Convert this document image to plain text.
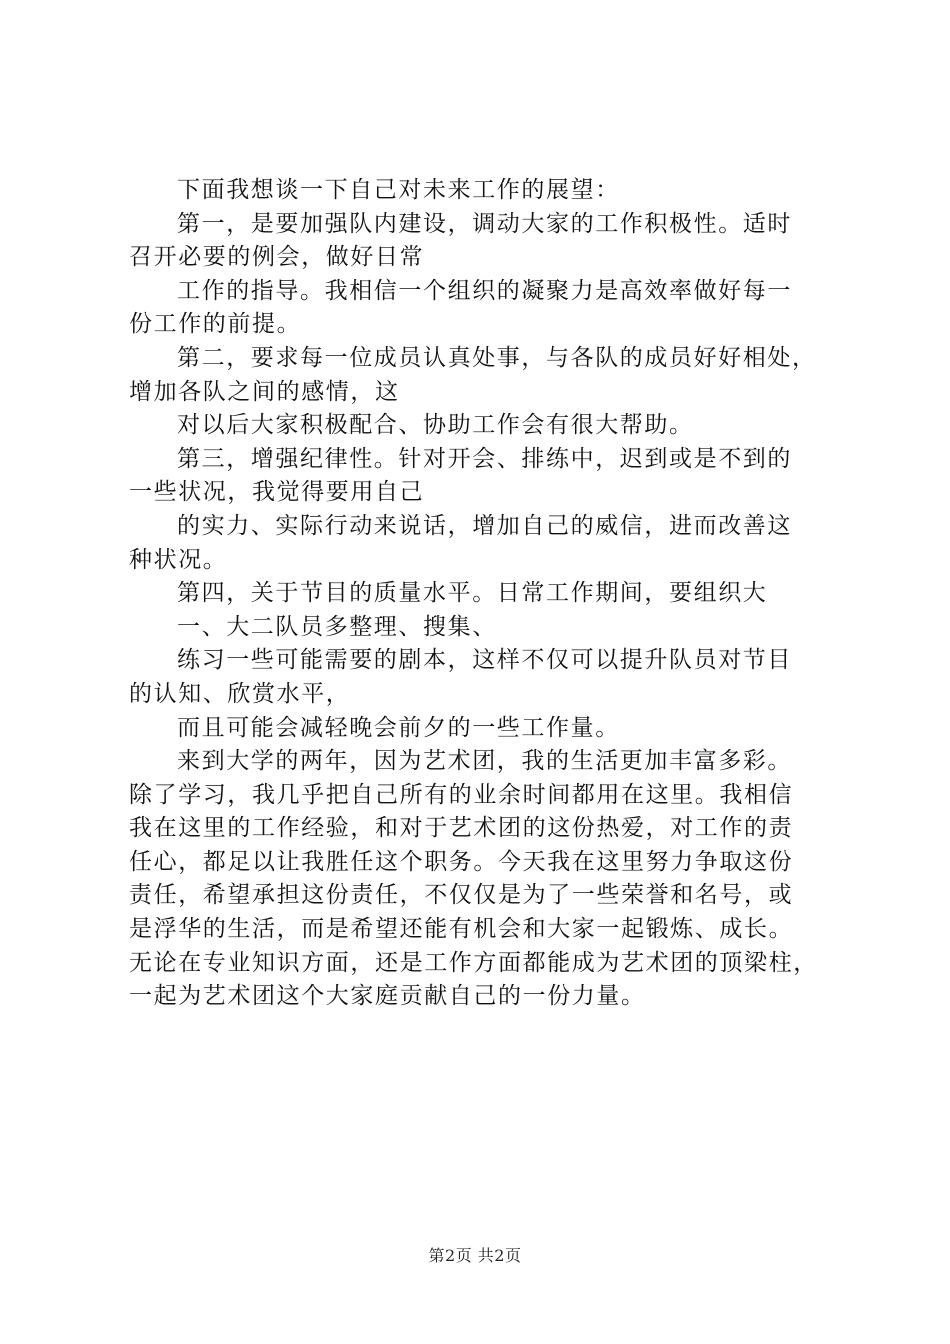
下面我想谈一下自己对未来工作的展望：
第一，是要加强队内建设，调动大家的工作积极性。适时
召开必要的例会，做好日常
工作的指导。我相信一个组织的凝聚力是高效率做好每一
份工作的前提。
第二，要求每一位成员认真处事，与各队的成员好好相处，
增加各队之间的感情，这
对以后大家积极配合、协助工作会有很大帮助。
第三，增强纪律性。针对开会、排练中，迟到或是不到的
一些状况，我觉得要用自己
的实力、实际行动来说话，增加自己的威信，进而改善这
种状况。
第四，关于节目的质量水平。日常工作期间，要组织大
一、大二队员多整理、搜集、
练习一些可能需要的剧本，这样不仅可以提升队员对节目
的认知、欣赏水平，
而且可能会减轻晚会前夕的一些工作量。
来到大学的两年，因为艺术团，我的生活更加丰富多彩。
除了学习，我几乎把自己所有的业余时间都用在这里。我相信
我在这里的工作经验，和对于艺术团的这份热爱，对工作的责
任心，都足以让我胜任这个职务。今天我在这里努力争取这份
责任，希望承担这份责任，不仅仅是为了一些荣誉和名号，或
是浮华的生活，而是希望还能有机会和大家一起锻炼、成长。
无论在专业知识方面，还是工作方面都能成为艺术团的顶梁柱，
一起为艺术团这个大家庭贡献自己的一份力量。
第2页 共2页
